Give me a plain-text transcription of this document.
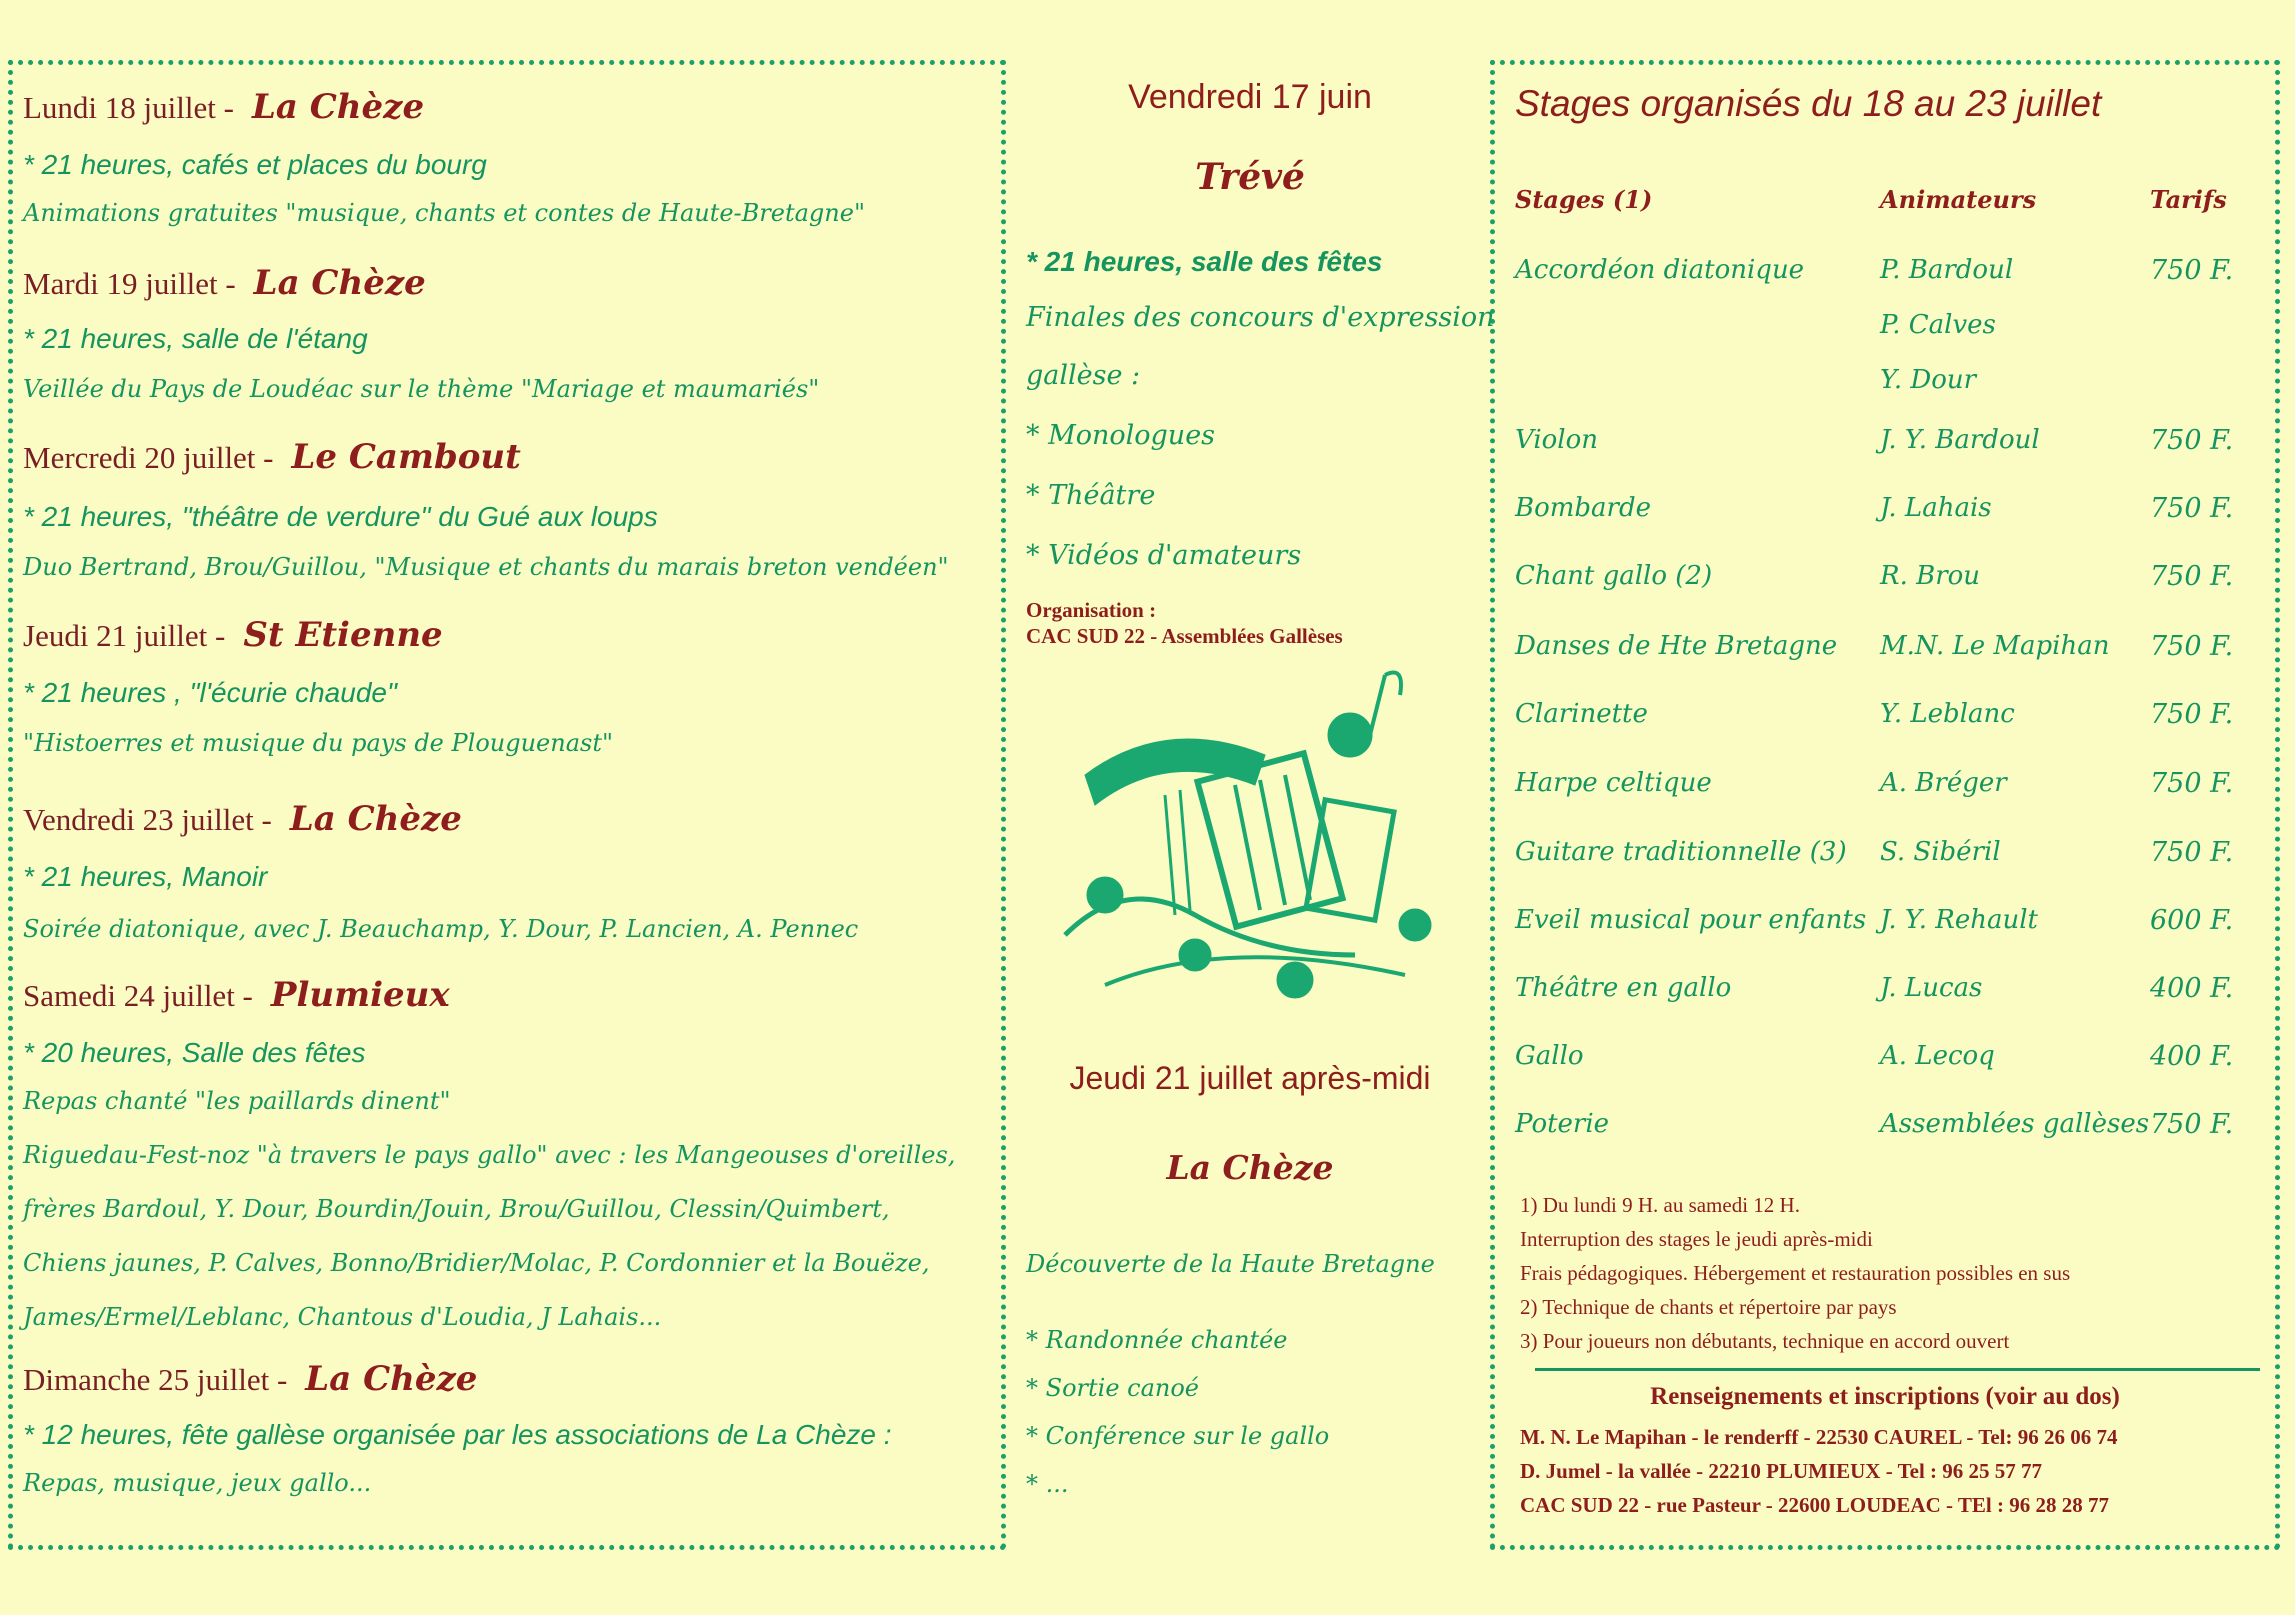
Lundi 18 juillet - La Chèze
* 21 heures, cafés et places du bourg
Animations gratuites "musique, chants et contes de Haute-Bretagne"
Mardi 19 juillet - La Chèze
* 21 heures, salle de l'étang
Veillée du Pays de Loudéac sur le thème "Mariage et maumariés"
Mercredi 20 juillet - Le Cambout
* 21 heures, "théâtre de verdure" du Gué aux loups
Duo Bertrand, Brou/Guillou, "Musique et chants du marais breton vendéen"
Jeudi 21 juillet - St Etienne
* 21 heures , "l'écurie chaude"
"Histoerres et musique du pays de Plouguenast"
Vendredi 23 juillet - La Chèze
* 21 heures, Manoir
Soirée diatonique, avec J. Beauchamp, Y. Dour, P. Lancien, A. Pennec
Samedi 24 juillet - Plumieux
* 20 heures, Salle des fêtes
Repas chanté "les paillards dinent"
Riguedau-Fest-noz "à travers le pays gallo" avec : les Mangeouses d'oreilles,
frères Bardoul, Y. Dour, Bourdin/Jouin, Brou/Guillou, Clessin/Quimbert,
Chiens jaunes, P. Calves, Bonno/Bridier/Molac, P. Cordonnier et la Bouëze,
James/Ermel/Leblanc, Chantous d'Loudia, J Lahais...
Dimanche 25 juillet - La Chèze
* 12 heures, fête gallèse organisée par les associations de La Chèze :
Repas, musique, jeux gallo...
Vendredi 17 juin
Trévé
* 21 heures, salle des fêtes
Finales des concours d'expression
gallèse :
* Monologues
* Théâtre
* Vidéos d'amateurs
Organisation :
CAC SUD 22 - Assemblées Gallèses
Jeudi 21 juillet après-midi
La Chèze
Découverte de la Haute Bretagne
* Randonnée chantée
* Sortie canoé
* Conférence sur le gallo
* ...
Stages organisés du 18 au 23 juillet
Stages (1)	Animateurs	Tarifs
Accordéon diatonique	P. Bardoul	750 F.
P. Calves
Y. Dour
Violon	J. Y. Bardoul	750 F.
Bombarde	J. Lahais	750 F.
Chant gallo (2)	R. Brou	750 F.
Danses de Hte Bretagne M.N. Le Mapihan 750 F.
Clarinette	Y. Leblanc	750 F.
Harpe celtique	A. Bréger	750 F.
Guitare traditionnelle (3) S. Sibéril	750 F.
Eveil musical pour enfants J. Y. Rehault	600 F.
Théâtre en gallo	J. Lucas	400 F.
Gallo	A. Lecoq	400 F.
Poterie	Assemblées gallèses 750 F.
1) Du lundi 9 H. au samedi 12 H.
Interruption des stages le jeudi après-midi
Frais pédagogiques. Hébergement et restauration possibles en sus
2) Technique de chants et répertoire par pays
3) Pour joueurs non débutants, technique en accord ouvert
Renseignements et inscriptions (voir au dos)
M. N. Le Mapihan - le renderff - 22530 CAUREL - Tel: 96 26 06 74
D. Jumel - la vallée - 22210 PLUMIEUX - Tel : 96 25 57 77
CAC SUD 22 - rue Pasteur - 22600 LOUDEAC - TEl : 96 28 28 77
